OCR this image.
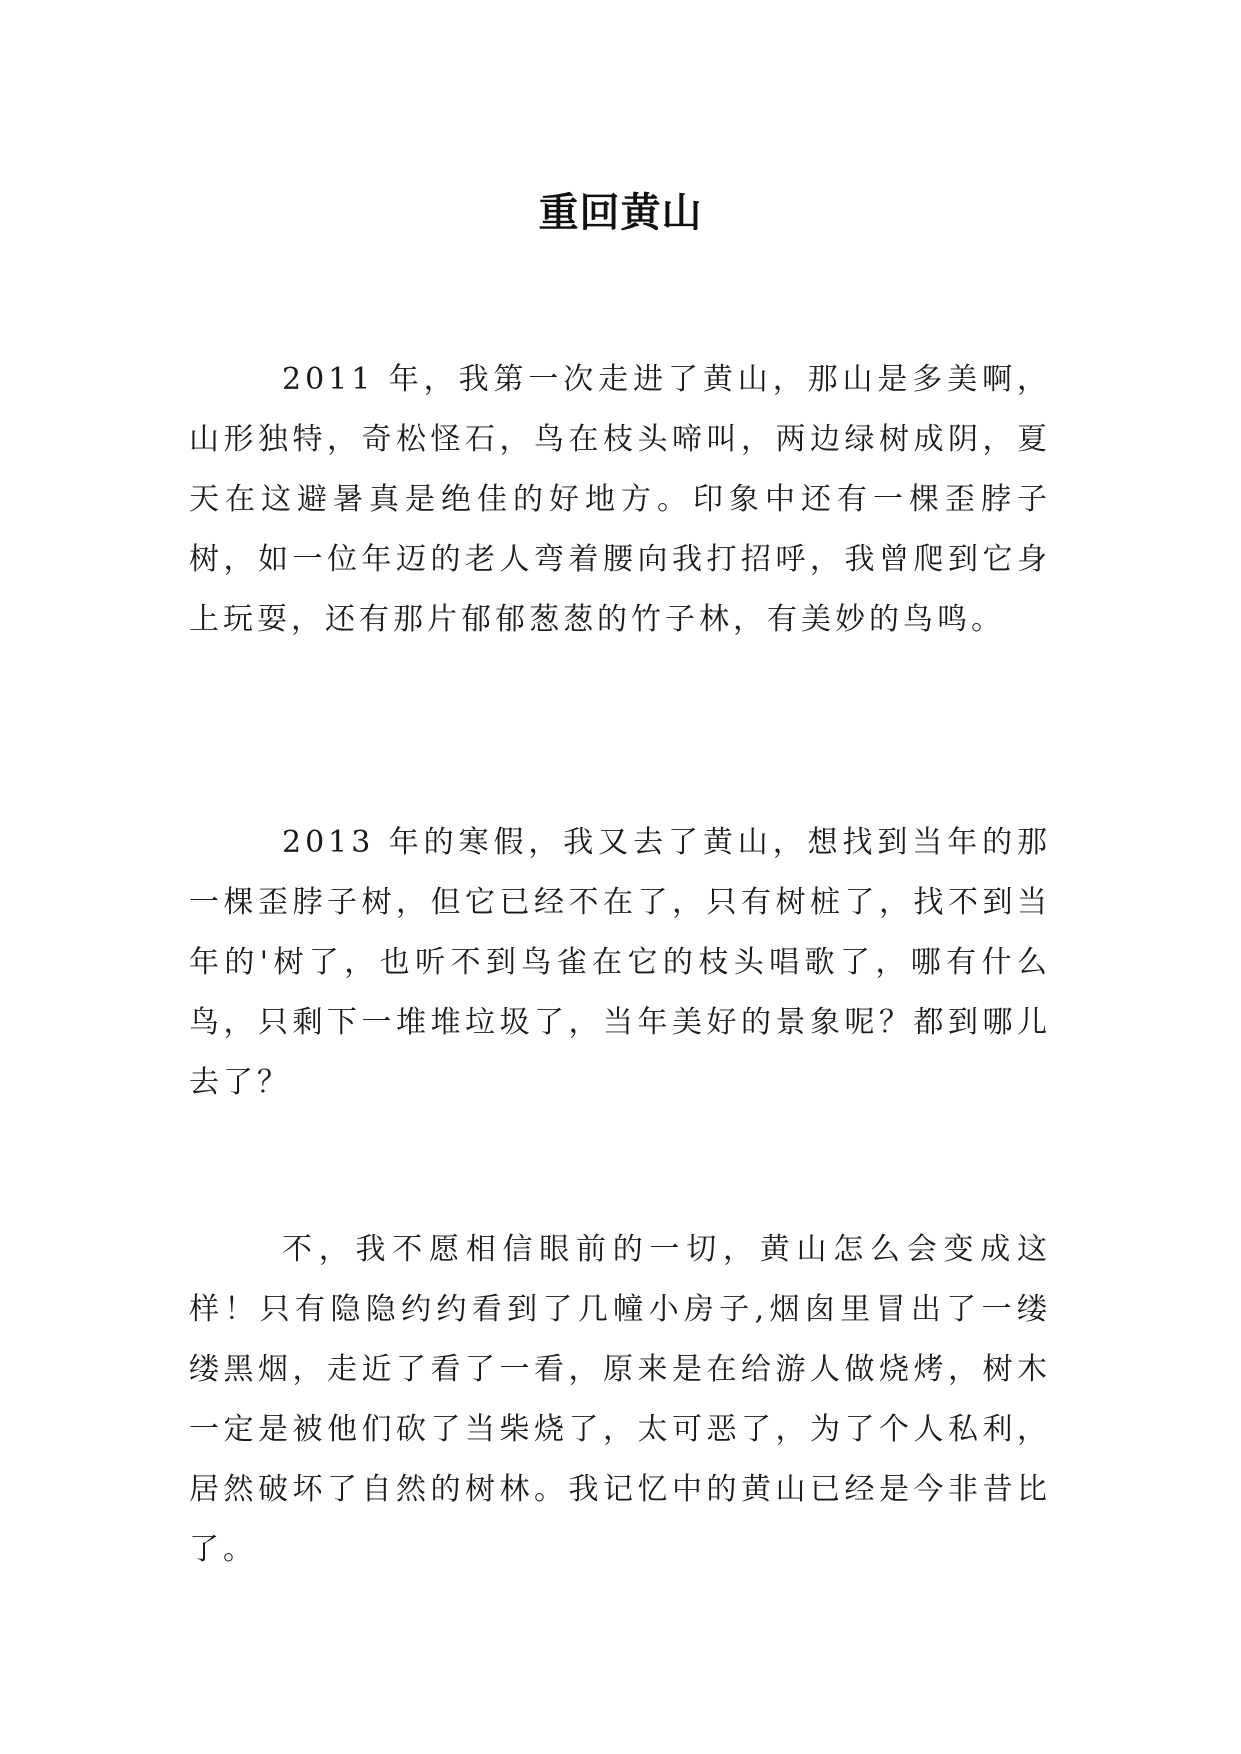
重回黄山

2011 年，我第一次走进了黄山，那山是多美啊，山形独特，奇松怪石，鸟在枝头啼叫，两边绿树成阴，夏天在这避暑真是绝佳的好地方。印象中还有一棵歪脖子树，如一位年迈的老人弯着腰向我打招呼，我曾爬到它身上玩耍，还有那片郁郁葱葱的竹子林，有美妙的鸟鸣。

2013 年的寒假，我又去了黄山，想找到当年的那一棵歪脖子树，但它已经不在了，只有树桩了，找不到当年的'树了，也听不到鸟雀在它的枝头唱歌了，哪有什么鸟，只剩下一堆堆垃圾了，当年美好的景象呢？都到哪儿去了？

不，我不愿相信眼前的一切，黄山怎么会变成这样！只有隐隐约约看到了几幢小房子,烟囱里冒出了一缕缕黑烟，走近了看了一看，原来是在给游人做烧烤，树木一定是被他们砍了当柴烧了，太可恶了，为了个人私利，居然破坏了自然的树林。我记忆中的黄山已经是今非昔比了。
